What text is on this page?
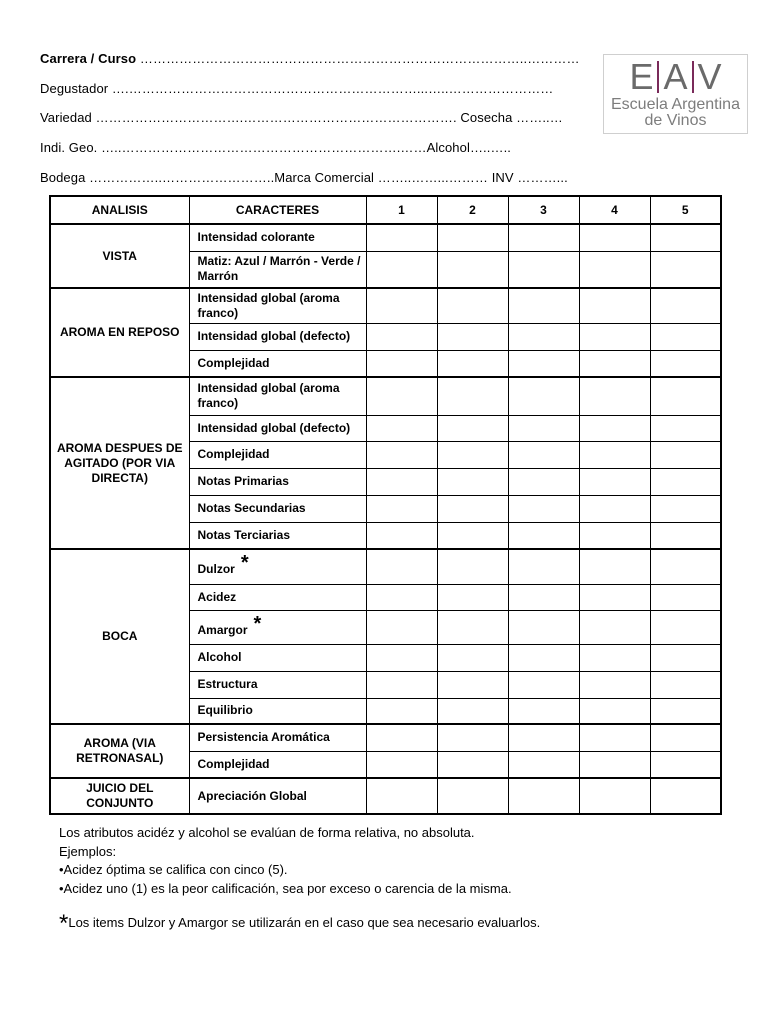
Carrera / Curso ……………………………………………………………………………..…………
Degustador ….…………………………………………………………...…..……………………
Variedad …………………………….…………………………………………. Cosecha ……..…
Indi. Geo. …..……………………………………………………….……Alcohol…..…..
Bodega ……………..……………………..Marca Comercial ……..……...……… INV ………...
E A V
Escuela Argentina
de Vinos
ANALISIS	CARACTERES	1	2	3	4	5
VISTA	Intensidad colorante					
	Matiz: Azul / Marrón - Verde / Marrón					
AROMA EN REPOSO	Intensidad global (aroma franco)					
	Intensidad global (defecto)					
	Complejidad					
AROMA DESPUES DE AGITADO (POR VIA DIRECTA)	Intensidad global (aroma franco)					
	Intensidad global (defecto)					
	Complejidad					
	Notas Primarias					
	Notas Secundarias					
	Notas Terciarias					
BOCA	Dulzor *					
	Acidez					
	Amargor *					
	Alcohol					
	Estructura					
	Equilibrio					
AROMA (VIA RETRONASAL)	Persistencia Aromática					
	Complejidad					
JUICIO DEL CONJUNTO	Apreciación Global					

Los atributos acidéz y alcohol se evalúan de forma relativa, no absoluta.

Ejemplos:

•Acidez óptima se califica con cinco (5).

•Acidez uno (1) es la peor calificación, sea por exceso o carencia de la misma.

*Los items Dulzor y Amargor se utilizarán en el caso que sea necesario evaluarlos.
